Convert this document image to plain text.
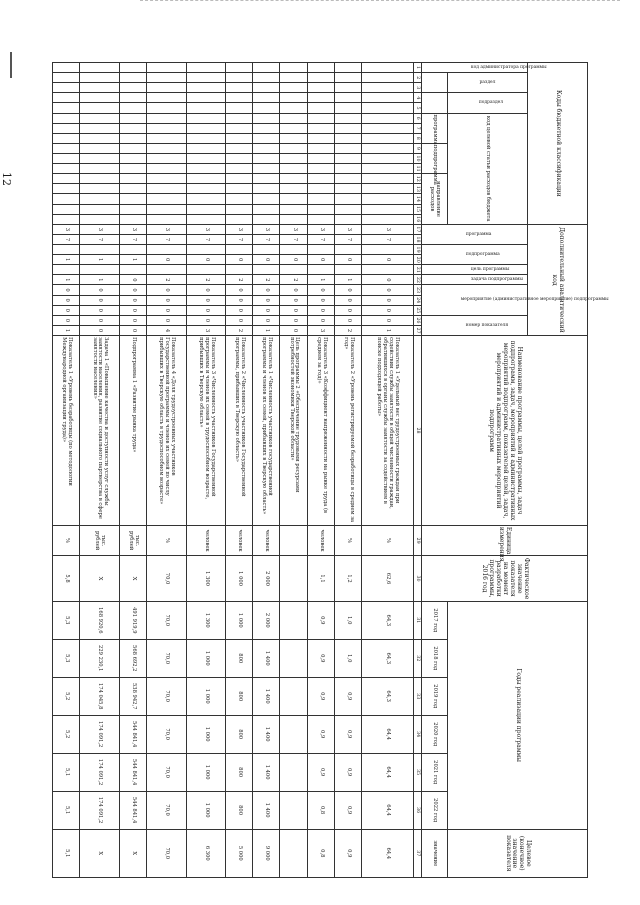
12	Коды бюджетной классификации																Дополнительный аналитический код											Наименование программы, целей программы, задач подпрограмм, задач, мероприятий и административных мероприятий подпрограмм, показателей целей, задач, мероприятий и административных мероприятий подпрограмм	Единица измерения	Фактическое значение показателя на момент разработки программы, 2016 год	Годы реализации программы						Целевое (конечное) значение показателя

код администратора программы	раздел		подраздел		код целевой статьи расходов бюджета											программа		подпрограмма		цель программы	задача подпрограммы	мероприятие (административное мероприятие) подпрограммы			номер показателя											

					программа			подпрограмма			направление расходов																			2017 год	2018 год	2019 год	2020 год	2021 год	2022 год	значение
1	2	3	4	5	6	7	8	9	10	11	12	13	14	15	16	17	18	19	20	21	22	23	24	25	26	27	28	29	30	31	32	33	34	35	36	37
																3	7		0		0	0	0	0	0	1	Показатель 1 «Удельный вес трудоустроенных граждан при содействии службы занятости в общей численности граждан, обратившихся в органы службы занятости за содействием в поиске подходящей работы»	%	62,6	64,3	64,3	64,3	64,4	64,4	64,4	64,4
																3	7		0		1	0	0	0	0	2	Показатель 2 «Уровень регистрируемой безработицы в среднем за год»	%	1,2	1,0	1,0	0,9	0,9	0,9	0,9	0,9
																3	7		0		1	0	0	0	0	3	Показатель 3 «Коэффициент напряженности на рынке труда (в среднем за год)»	человек	1,1	0,9	0,9	0,9	0,9	0,9	0,8	0,8
																3	7		0		2	0	0	0	0	0	Цель программы 2 «Обеспечение трудовыми ресурсами потребностей экономики Тверской области»									
																3	7		0		2	0	0	0	0	1	Показатель 1 «Численность участников государственной программы и членов их семей, прибывших в Тверскую область»	человек	2 000	2 000	1 400	1 400	1 400	1 400	1 400	9 000
																3	7		0		2	0	0	0	0	2	Показатель 2 «Численность участников Государственной программы, прибывших в Тверскую область»	человек	1 000	1 000	800	800	800	800	800	5 000
																3	7		0		2	0	0	0	0	3	Показатель 3 «Численность участников Государственной программы и членов их семей в трудоспособном возрасте, прибывших в Тверскую область»	человек	1 300	1 300	1 000	1 000	1 000	1 000	1 000	6 300
																3	7		0		2	0	0	0	0	4	Показатель 4 «Доля трудоустроенных участников Государственной программы и членов их семей по числу прибывших в Тверскую область в трудоспособном возрасте»	%	70,0	70,0	70,0	70,0	70,0	70,0	70,0	70,0
																3	7		1		0	0	0	0	0	0	Подпрограмма 1 «Развитие рынка труда»	тыс. рублей	X	491 919,9	568 692,2	538 942,7	544 841,4	544 841,4	544 841,4	X
																3	7		1		1	0	0	0	0	0	Задача 1 «Повышение качества и доступности услуг службы занятости населения, развитие социального партнерства в сфере занятости населения»	тыс. рублей	X	168 920,6	229 230,1	174 045,8	174 091,2	174 091,2	174 091,2	X
																3	7		1		1	0	0	0	0	1	Показатель 1 «Уровень безработицы (по методологии Международной организации труда)»	%	5,8	5,3	5,3	5,2	5,2	5,1	5,1	5,1
